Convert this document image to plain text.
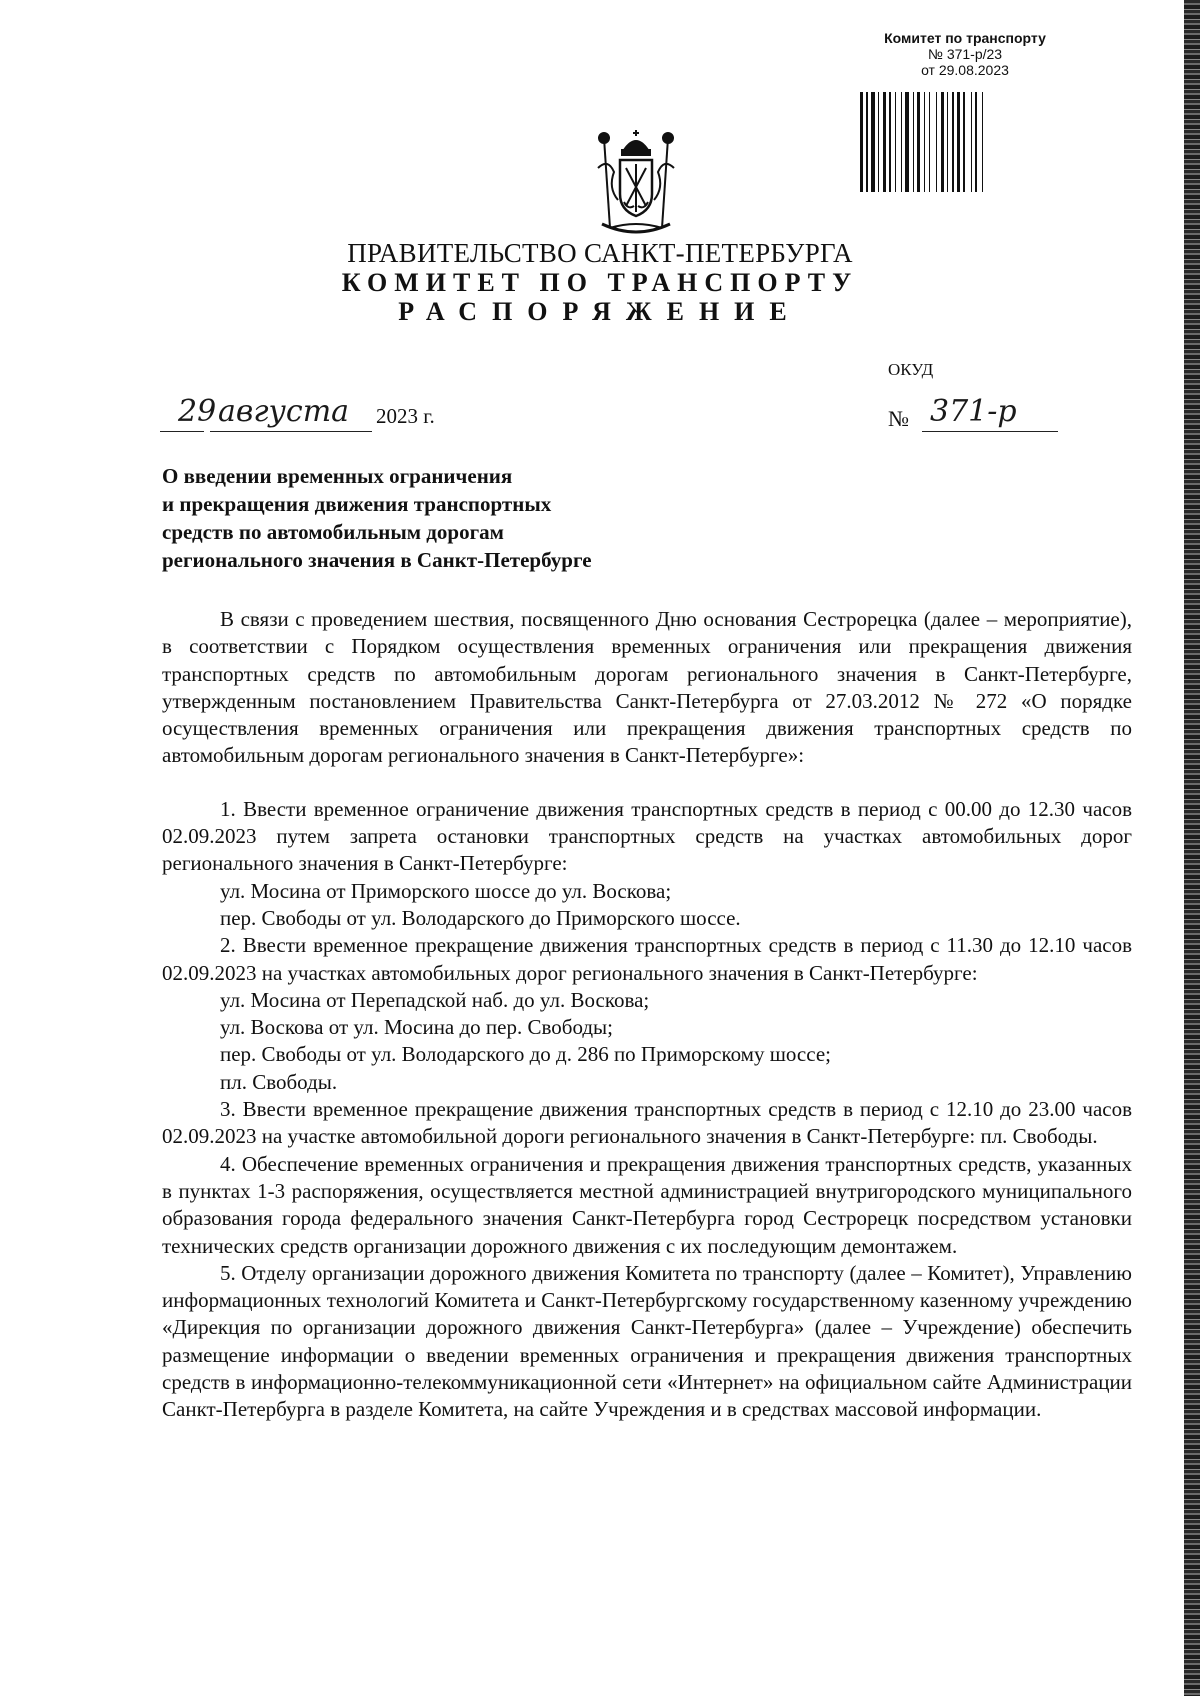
Комитет по транспорту
№ 371-р/23
от 29.08.2023
ПРАВИТЕЛЬСТВО САНКТ-ПЕТЕРБУРГА
КОМИТЕТ ПО ТРАНСПОРТУ
РАСПОРЯЖЕНИЕ
ОКУД
29 августа 2023 г.	№ 371-р
О введении временных ограничения
и прекращения движения транспортных
средств по автомобильным дорогам
регионального значения в Санкт-Петербурге

В связи с проведением шествия, посвященного Дню основания Сестрорецка (далее – мероприятие), в соответствии с Порядком осуществления временных ограничения или прекращения движения транспортных средств по автомобильным дорогам регионального значения в Санкт-Петербурге, утвержденным постановлением Правительства Санкт-Петербурга от 27.03.2012 № 272 «О порядке осуществления временных ограничения или прекращения движения транспортных средств по автомобильным дорогам регионального значения в Санкт-Петербурге»:

1. Ввести временное ограничение движения транспортных средств в период с 00.00 до 12.30 часов 02.09.2023 путем запрета остановки транспортных средств на участках автомобильных дорог регионального значения в Санкт-Петербурге:

ул. Мосина от Приморского шоссе до ул. Воскова;
пер. Свободы от ул. Володарского до Приморского шоссе.

2. Ввести временное прекращение движения транспортных средств в период с 11.30 до 12.10 часов 02.09.2023 на участках автомобильных дорог регионального значения в Санкт-Петербурге:

ул. Мосина от Перепадской наб. до ул. Воскова;
ул. Воскова от ул. Мосина до пер. Свободы;
пер. Свободы от ул. Володарского до д. 286 по Приморскому шоссе;
пл. Свободы.

3. Ввести временное прекращение движения транспортных средств в период с 12.10 до 23.00 часов 02.09.2023 на участке автомобильной дороги регионального значения в Санкт-Петербурге: пл. Свободы.

4. Обеспечение временных ограничения и прекращения движения транспортных средств, указанных в пунктах 1-3 распоряжения, осуществляется местной администрацией внутригородского муниципального образования города федерального значения Санкт-Петербурга город Сестрорецк посредством установки технических средств организации дорожного движения с их последующим демонтажем.

5. Отделу организации дорожного движения Комитета по транспорту (далее – Комитет), Управлению информационных технологий Комитета и Санкт-Петербургскому государственному казенному учреждению «Дирекция по организации дорожного движения Санкт-Петербурга» (далее – Учреждение) обеспечить размещение информации о введении временных ограничения и прекращения движения транспортных средств в информационно-телекоммуникационной сети «Интернет» на официальном сайте Администрации Санкт-Петербурга в разделе Комитета, на сайте Учреждения и в средствах массовой информации.
